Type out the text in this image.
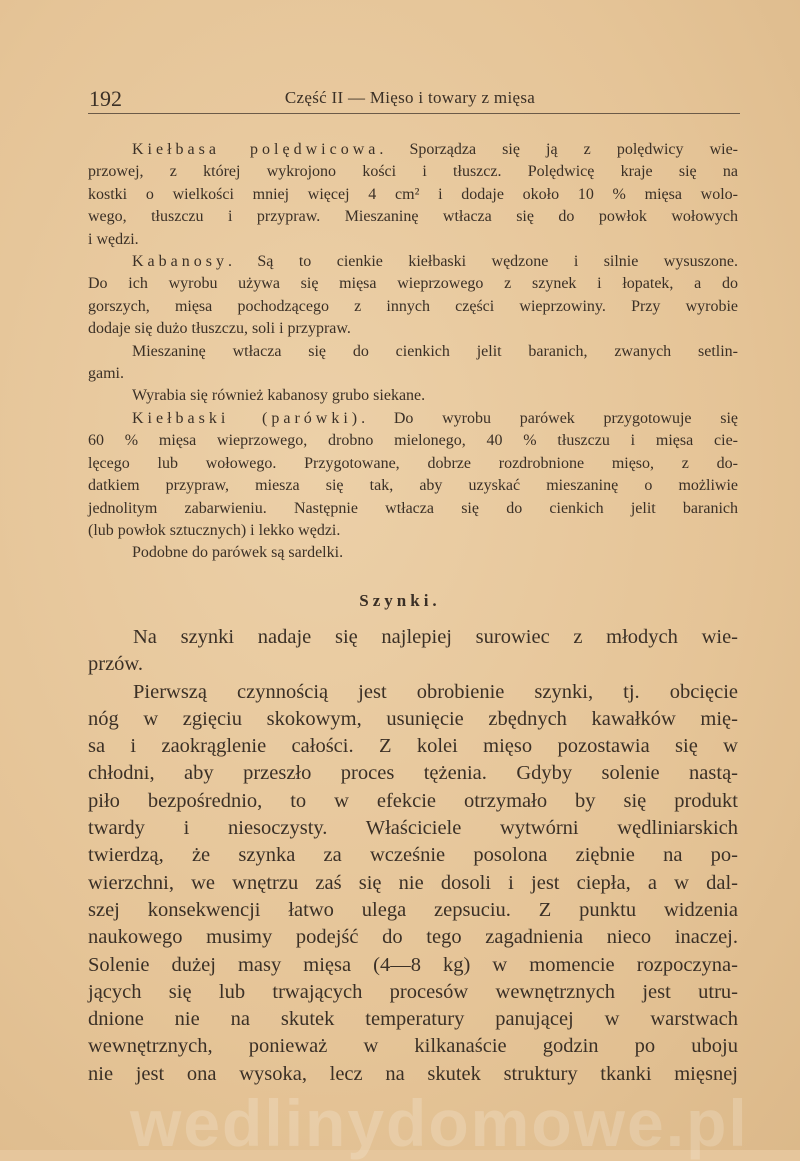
192	Część II — Mięso i towary z mięsa
Kiełbasa polędwicowa. Sporządza się ją z polędwicy wie-
przowej, z której wykrojono kości i tłuszcz. Polędwicę kraje się na
kostki o wielkości mniej więcej 4 cm² i dodaje około 10 % mięsa wolo-
wego, tłuszczu i przypraw. Mieszaninę wtłacza się do powłok wołowych
i wędzi.
Kabanosy. Są to cienkie kiełbaski wędzone i silnie wysuszone.
Do ich wyrobu używa się mięsa wieprzowego z szynek i łopatek, a do
gorszych, mięsa pochodzącego z innych części wieprzowiny. Przy wyrobie
dodaje się dużo tłuszczu, soli i przypraw.
Mieszaninę wtłacza się do cienkich jelit baranich, zwanych setlin-
gami.
Wyrabia się również kabanosy grubo siekane.
Kiełbaski (parówki). Do wyrobu parówek przygotowuje się
60 % mięsa wieprzowego, drobno mielonego, 40 % tłuszczu i mięsa cie-
lęcego lub wołowego. Przygotowane, dobrze rozdrobnione mięso, z do-
datkiem przypraw, miesza się tak, aby uzyskać mieszaninę o możliwie
jednolitym zabarwieniu. Następnie wtłacza się do cienkich jelit baranich
(lub powłok sztucznych) i lekko wędzi.
Podobne do parówek są sardelki.
Szynki.
Na szynki nadaje się najlepiej surowiec z młodych wie-
przów.
Pierwszą czynnością jest obrobienie szynki, tj. obcięcie
nóg w zgięciu skokowym, usunięcie zbędnych kawałków mię-
sa i zaokrąglenie całości. Z kolei mięso pozostawia się w
chłodni, aby przeszło proces tężenia. Gdyby solenie nastą-
piło bezpośrednio, to w efekcie otrzymało by się produkt
twardy i niesoczysty. Właściciele wytwórni wędliniarskich
twierdzą, że szynka za wcześnie posolona ziębnie na po-
wierzchni, we wnętrzu zaś się nie dosoli i jest ciepła, a w dal-
szej konsekwencji łatwo ulega zepsuciu. Z punktu widzenia
naukowego musimy podejść do tego zagadnienia nieco inaczej.
Solenie dużej masy mięsa (4—8 kg) w momencie rozpoczyna-
jących się lub trwających procesów wewnętrznych jest utru-
dnione nie na skutek temperatury panującej w warstwach
wewnętrznych, ponieważ w kilkanaście godzin po uboju
nie jest ona wysoka, lecz na skutek struktury tkanki mięsnej
wedlinydomowe.pl
